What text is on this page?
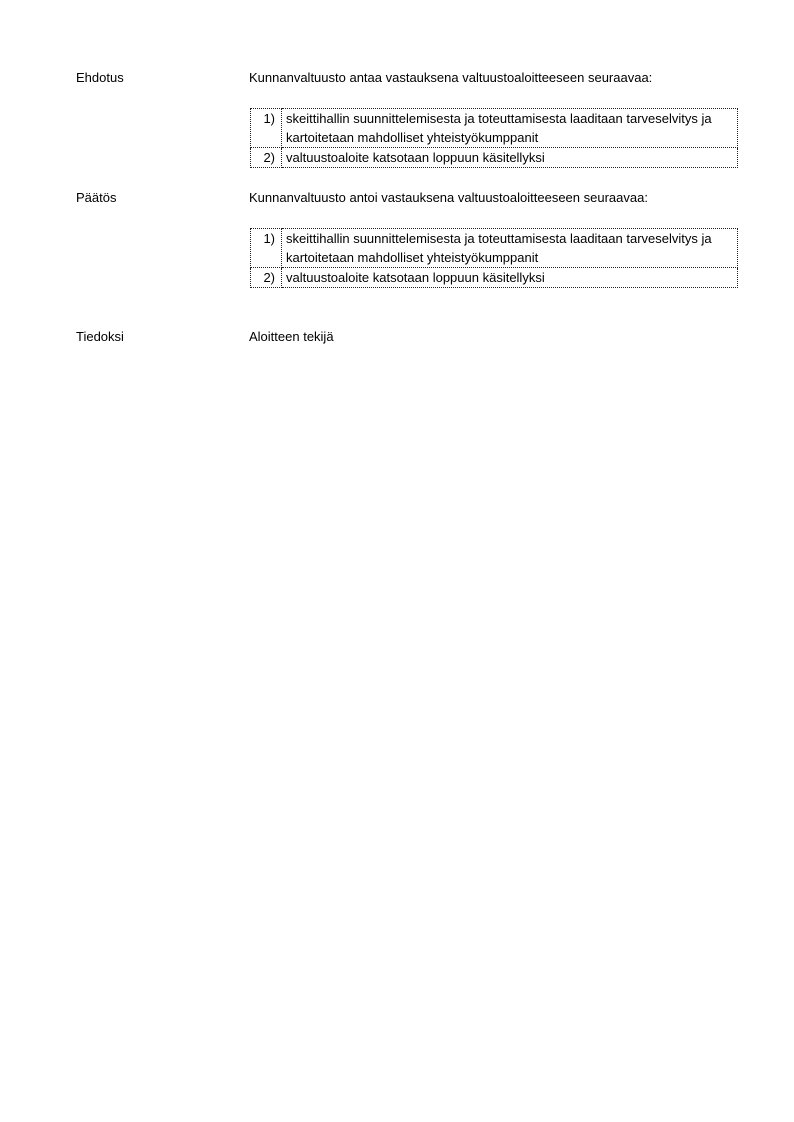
Ehdotus	Kunnanvaltuusto antaa vastauksena valtuustoaloitteeseen seuraavaa:
1)	skeittihallin suunnittelemisesta ja toteuttamisesta laaditaan tarveselvitys ja kartoitetaan mahdolliset yhteistyökumppanit
2)	valtuustoaloite katsotaan loppuun käsitellyksi
Päätös	Kunnanvaltuusto antoi vastauksena valtuustoaloitteeseen seuraavaa:
1)	skeittihallin suunnittelemisesta ja toteuttamisesta laaditaan tarveselvitys ja kartoitetaan mahdolliset yhteistyökumppanit
2)	valtuustoaloite katsotaan loppuun käsitellyksi
Tiedoksi	Aloitteen tekijä
